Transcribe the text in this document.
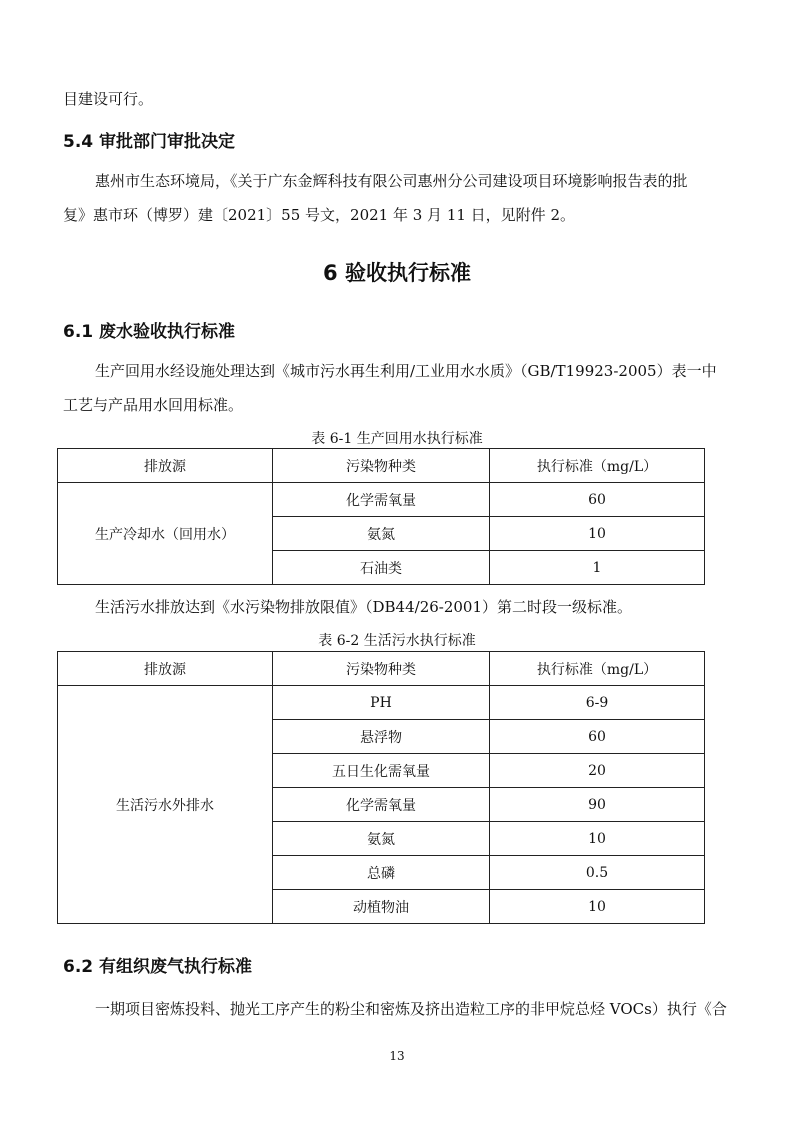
目建设可行。
5.4 审批部门审批决定
惠州市生态环境局，《关于广东金辉科技有限公司惠州分公司建设项目环境影响报告表的批
复》惠市环（博罗）建〔2021〕55 号文，2021 年 3 月 11 日，见附件 2。
6 验收执行标准
6.1 废水验收执行标准
生产回用水经设施处理达到《城市污水再生利用/工业用水水质》（GB/T19923-2005）表一中
工艺与产品用水回用标准。
表 6-1 生产回用水执行标准
排放源	污染物种类	执行标准（mg/L）
生产冷却水（回用水）	化学需氧量	60
	氨氮	10
	石油类	1
生活污水排放达到《水污染物排放限值》（DB44/26-2001）第二时段一级标准。
表 6-2 生活污水执行标准
排放源	污染物种类	执行标准（mg/L）
生活污水外排水	PH	6-9
	悬浮物	60
	五日生化需氧量	20
	化学需氧量	90
	氨氮	10
	总磷	0.5
	动植物油	10
6.2 有组织废气执行标准
一期项目密炼投料、抛光工序产生的粉尘和密炼及挤出造粒工序的非甲烷总烃 VOCs）执行《合
13
